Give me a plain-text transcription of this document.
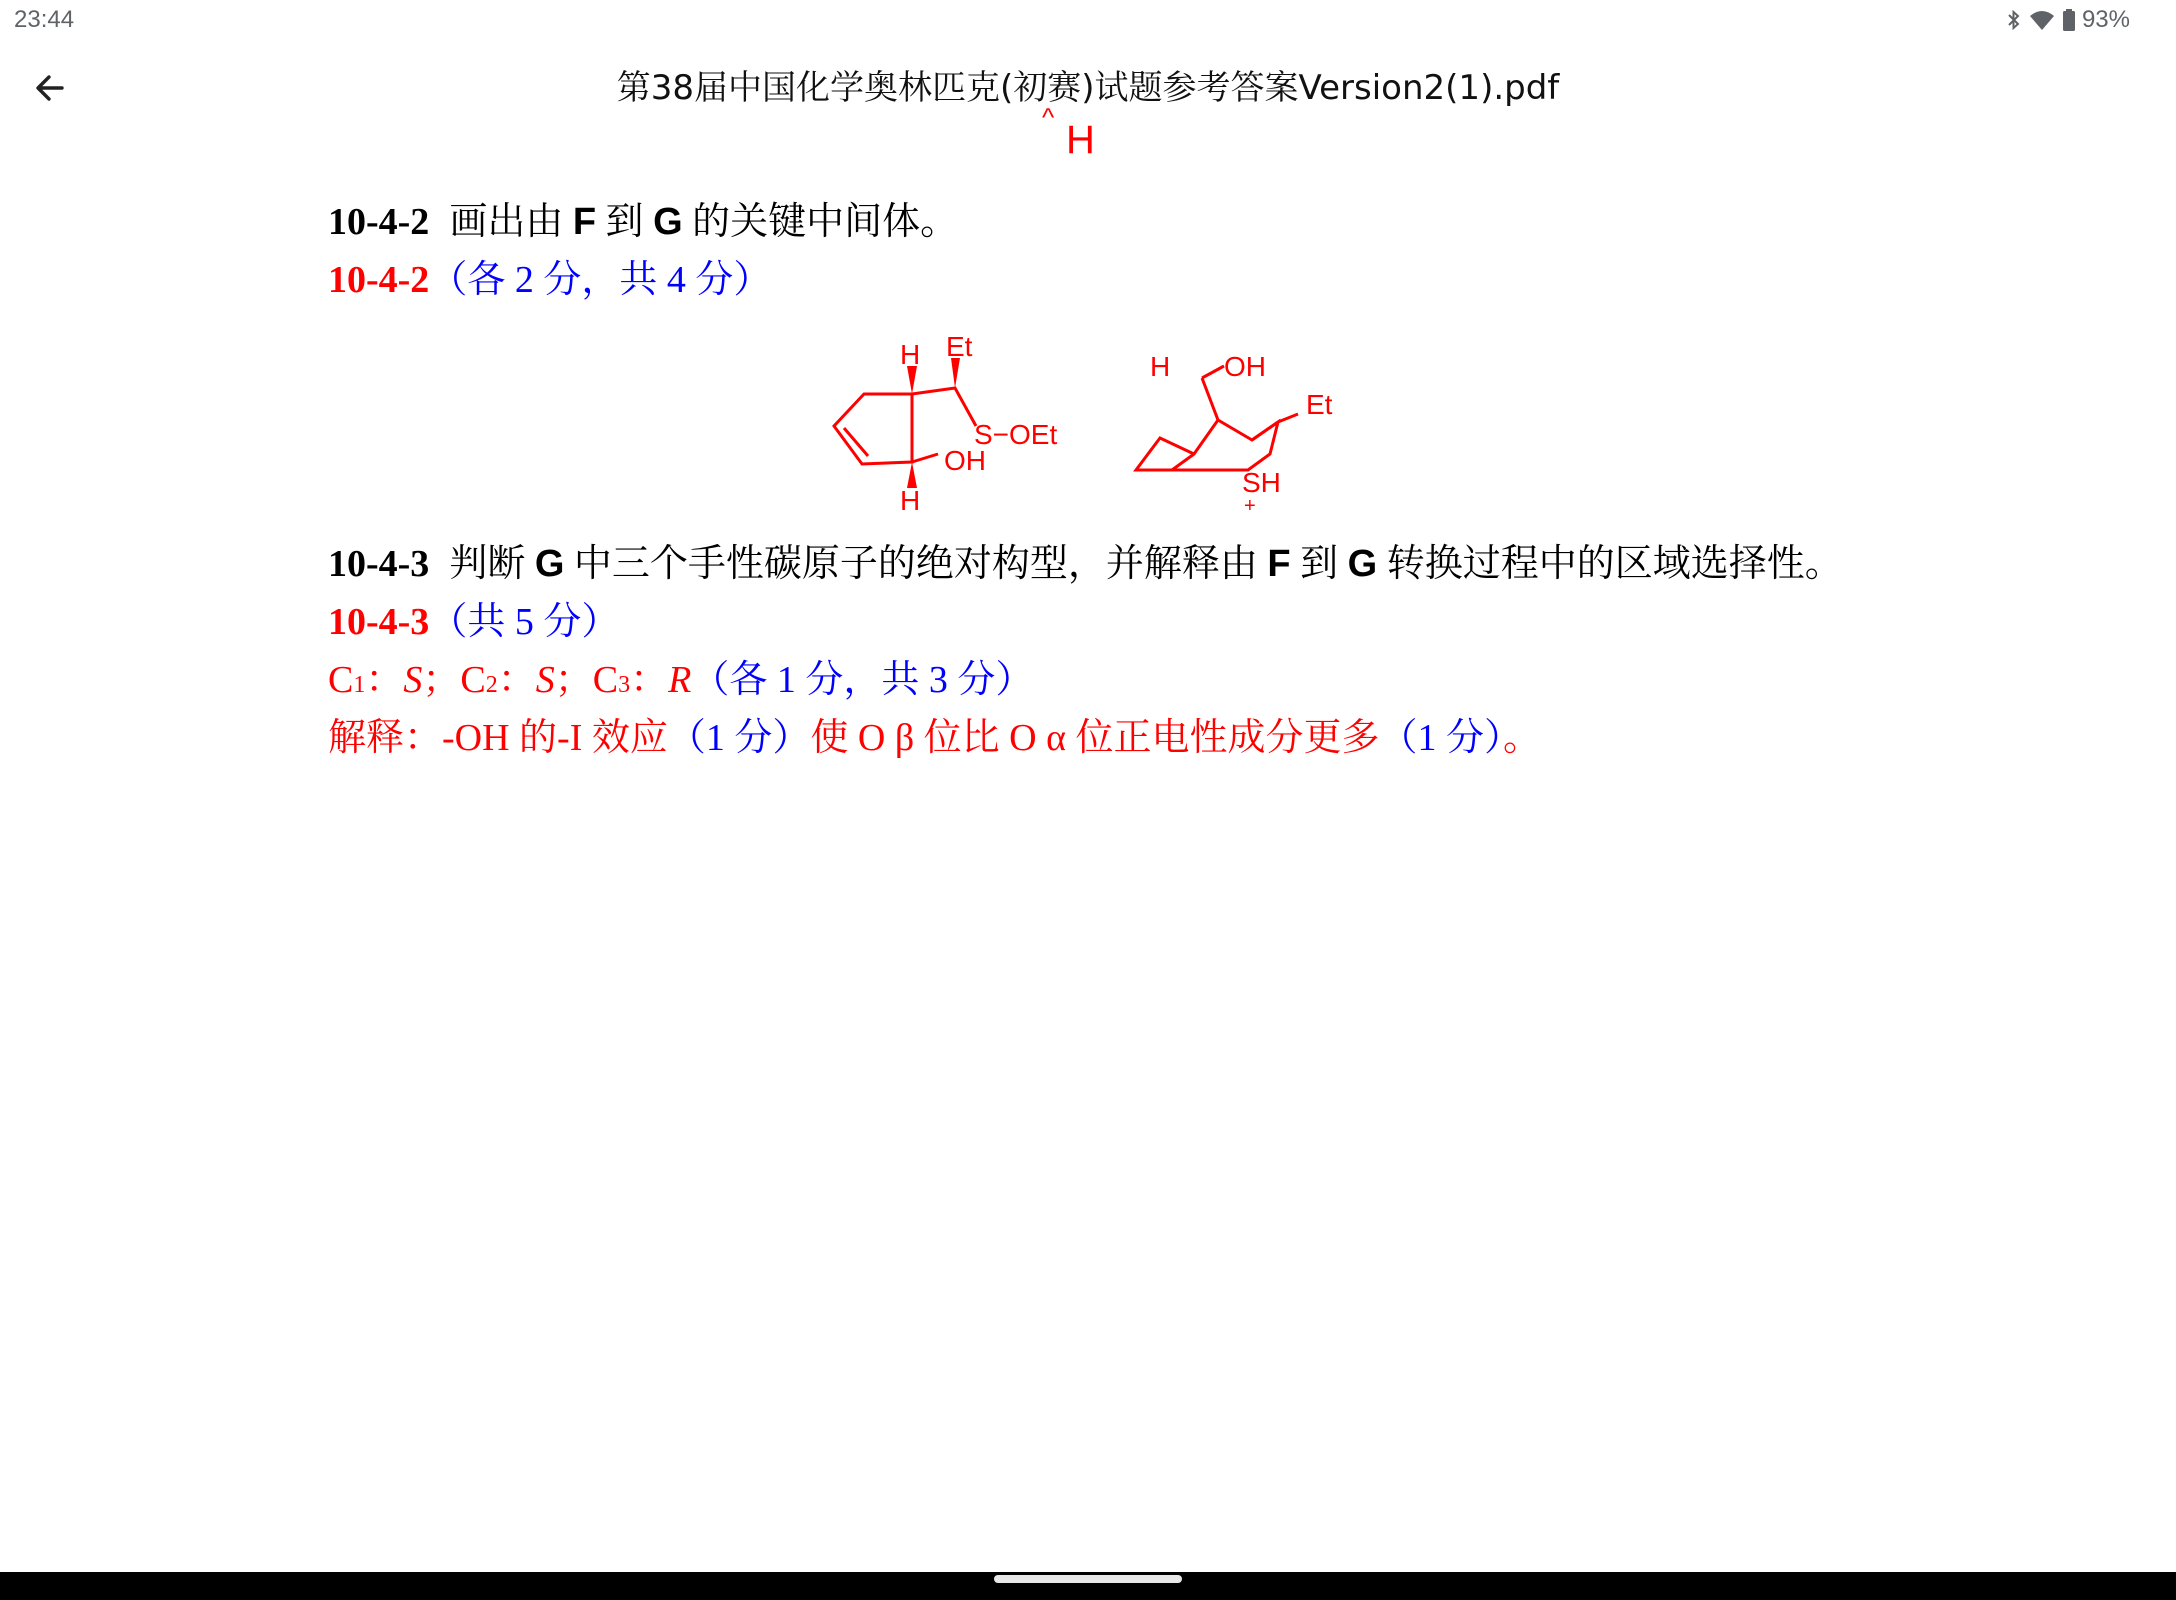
23:44	93%
第38届中国化学奥林匹克(初赛)试题参考答案Version2(1).pdf
^
H
10-4-2 画出由 F 到 G 的关键中间体。
10-4-2（各 2 分，共 4 分）
H Et
S−OEt
OH
H
H OH
Et
SH
+
10-4-3 判断 G 中三个手性碳原子的绝对构型，并解释由 F 到 G 转换过程中的区域选择性。
10-4-3（共 5 分）
C1：S；C2：S；C3：R（各 1 分，共 3 分）
解释：-OH 的-I 效应（1 分）使 O β 位比 O α 位正电性成分更多（1 分）。
